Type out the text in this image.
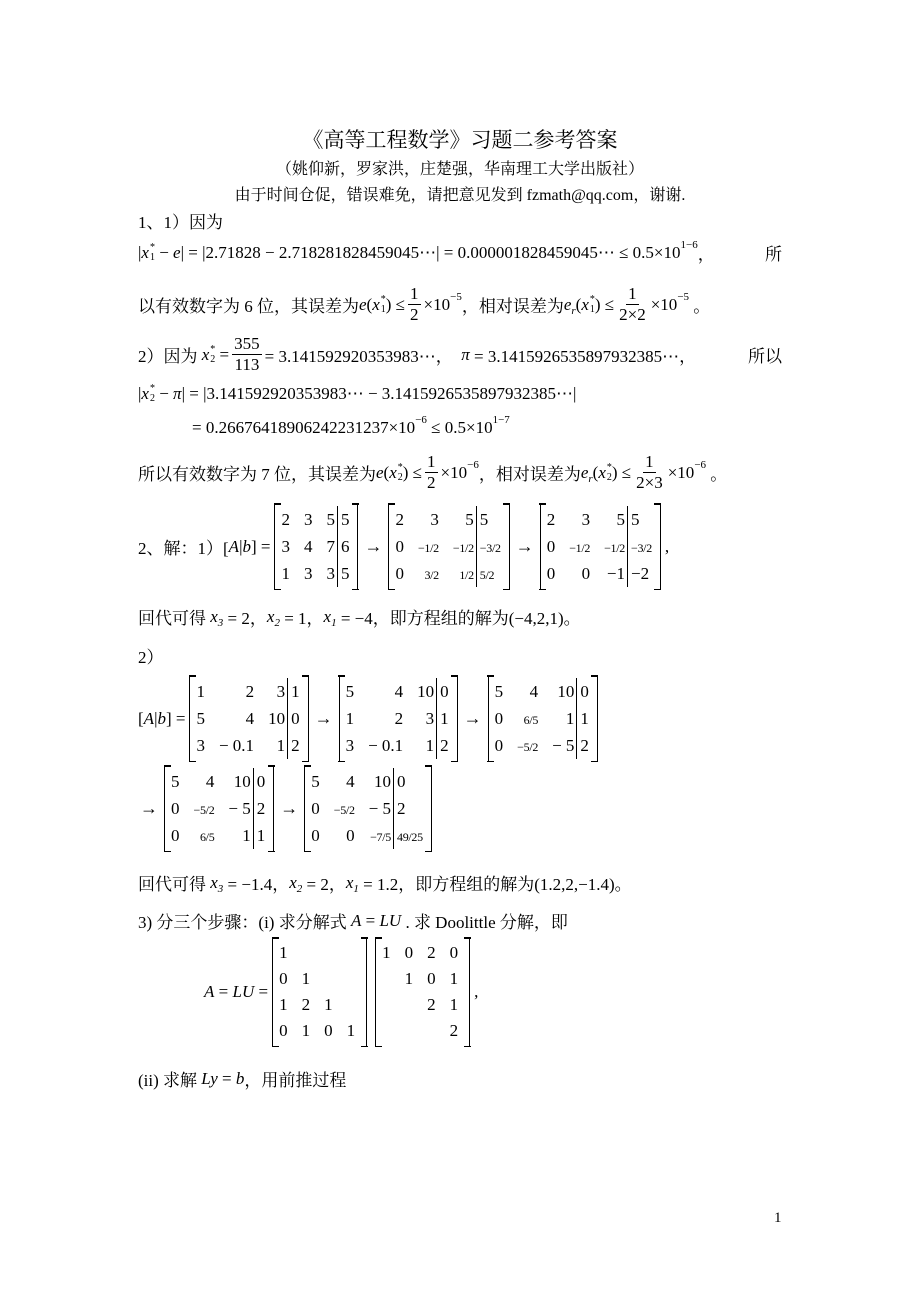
《高等工程数学》习题二参考答案
（姚仰新，罗家洪，庄楚强，华南理工大学出版社）
由于时间仓促，错误难免，请把意见发到 fzmath@qq.com，谢谢.
1、1）因为
| x *
1 − e | = |2.71828 − 2.718281828459045⋯| = 0.000001828459045⋯ ≤ 0.5×10 1−6
，	所
以有效数字为 6 位，其误差为 e ( x *
1 ) ≤ $\frac{1}{2} \times 10 -5$
，相对误差为 e r ( x *
1 ) ≤ $\frac{1}{2\times 2} \times 10 -5$
。
2）因为 x *
$2 = \frac{355}{113}$ = 3.141592920353983⋯， π = 3.1415926535897932385⋯，	所以
| x *
2 − π | = |3.141592920353983⋯ − 3.1415926535897932385⋯|
= 0.26676418906242231237×10 −6 ≤ 0.5×10 1−7
所以有效数字为 7 位，其误差为 e ( x *
2 ) ≤ $\frac{1}{2} \times 10 -6$
，相对误差为 e r ( x *
2 ) ≤ $\frac{1}{2\times 3} \times 10 -6$
。
2、解：1）[ A | b ] =
2	3	5	5
3	4	7	6
1	3	3	5
→
2	3	5	5
0	−1/2	−1/2	−3/2
0	3/2	1/2	5/2
→
2	3	5	5
0	−1/2	−1/2	−3/2
0	0	−1	−2
,
回代可得 x 3 = 2， x 2 = 1， x 1 = −4，即方程组的解为(−4,2,1)。
2）
[ A | b ] =
1	2	3	1
5	4	10	0
3	− 0.1	1	2
→
5	4	10	0
1	2	3	1
3	− 0.1	1	2
→
5	4	10	0
0	6/5	1	1
0	−5/2	− 5	2
→
5	4	10	0
0	−5/2	− 5	2
0	6/5	1	1
→
5	4	10	0
0	−5/2	− 5	2
0	0	−7/5	49/25
回代可得 x 3 = −1.4， x 2 = 2， x 1 = 1.2，即方程组的解为(1.2,2,−1.4)。
3) 分三个步骤：(i) 求分解式 A = LU . 求 Doolittle 分解，即
A = LU =
1			
0	1		
1	2	1	
0	1	0	1
1	0	2	0
	1	0	1
		2	1
			2
,
(ii) 求解 Ly = b ，用前推过程
1
